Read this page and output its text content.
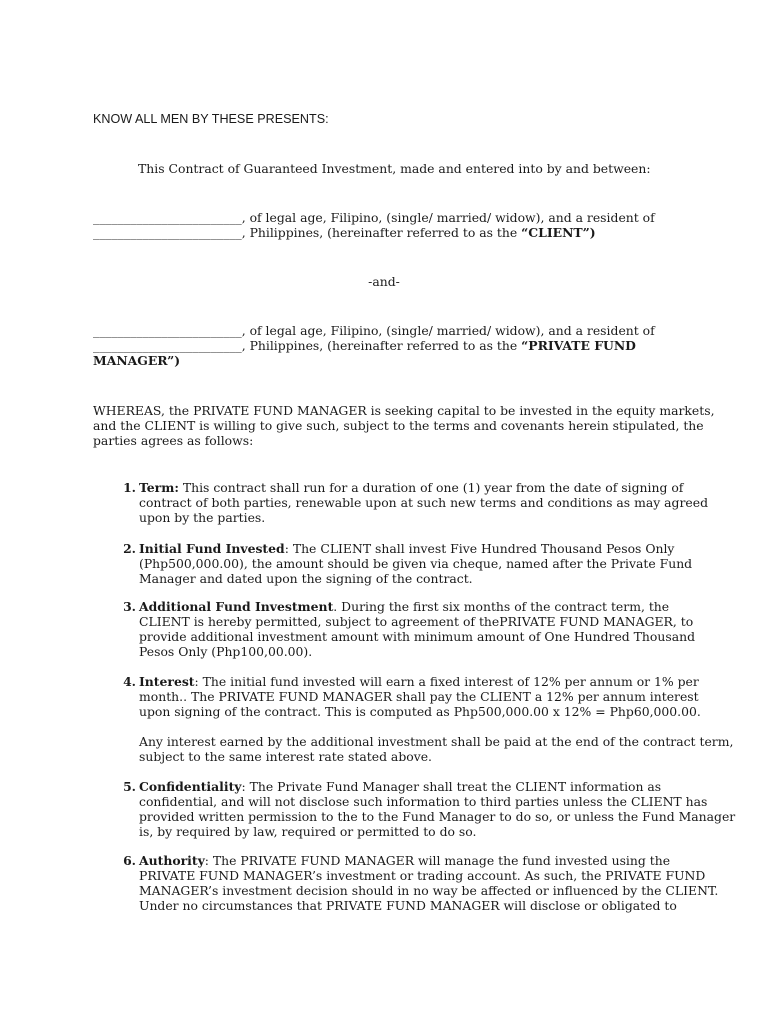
KNOW ALL MEN BY THESE PRESENTS:

This Contract of Guaranteed Investment, made and entered into by and between:

________________________, of legal age, Filipino, (single/ married/ widow), and a resident of
________________________, Philippines, (hereinafter referred to as the “CLIENT”)

-and-

________________________, of legal age, Filipino, (single/ married/ widow), and a resident of
________________________, Philippines, (hereinafter referred to as the “PRIVATE FUND
MANAGER”)
WHEREAS, the PRIVATE FUND MANAGER is seeking capital to be invested in the equity markets,
and the CLIENT is willing to give such, subject to the terms and covenants herein stipulated, the
parties agrees as follows:
1. Term: This contract shall run for a duration of one (1) year from the date of signing of
contract of both parties, renewable upon at such new terms and conditions as may agreed
upon by the parties.
2. Initial Fund Invested: The CLIENT shall invest Five Hundred Thousand Pesos Only
(Php500,000.00), the amount should be given via cheque, named after the Private Fund
Manager and dated upon the signing of the contract.
3. Additional Fund Investment. During the first six months of the contract term, the
CLIENT is hereby permitted, subject to agreement of thePRIVATE FUND MANAGER, to
provide additional investment amount with minimum amount of One Hundred Thousand
Pesos Only (Php100,00.00).
4. Interest: The initial fund invested will earn a fixed interest of 12% per annum or 1% per
month.. The PRIVATE FUND MANAGER shall pay the CLIENT a 12% per annum interest
upon signing of the contract. This is computed as Php500,000.00 x 12% = Php60,000.00.
Any interest earned by the additional investment shall be paid at the end of the contract term,
subject to the same interest rate stated above.
5. Confidentiality: The Private Fund Manager shall treat the CLIENT information as
confidential, and will not disclose such information to third parties unless the CLIENT has
provided written permission to the to the Fund Manager to do so, or unless the Fund Manager
is, by required by law, required or permitted to do so.
6. Authority: The PRIVATE FUND MANAGER will manage the fund invested using the
PRIVATE FUND MANAGER’s investment or trading account. As such, the PRIVATE FUND
MANAGER’s investment decision should in no way be affected or influenced by the CLIENT.
Under no circumstances that PRIVATE FUND MANAGER will disclose or obligated to
